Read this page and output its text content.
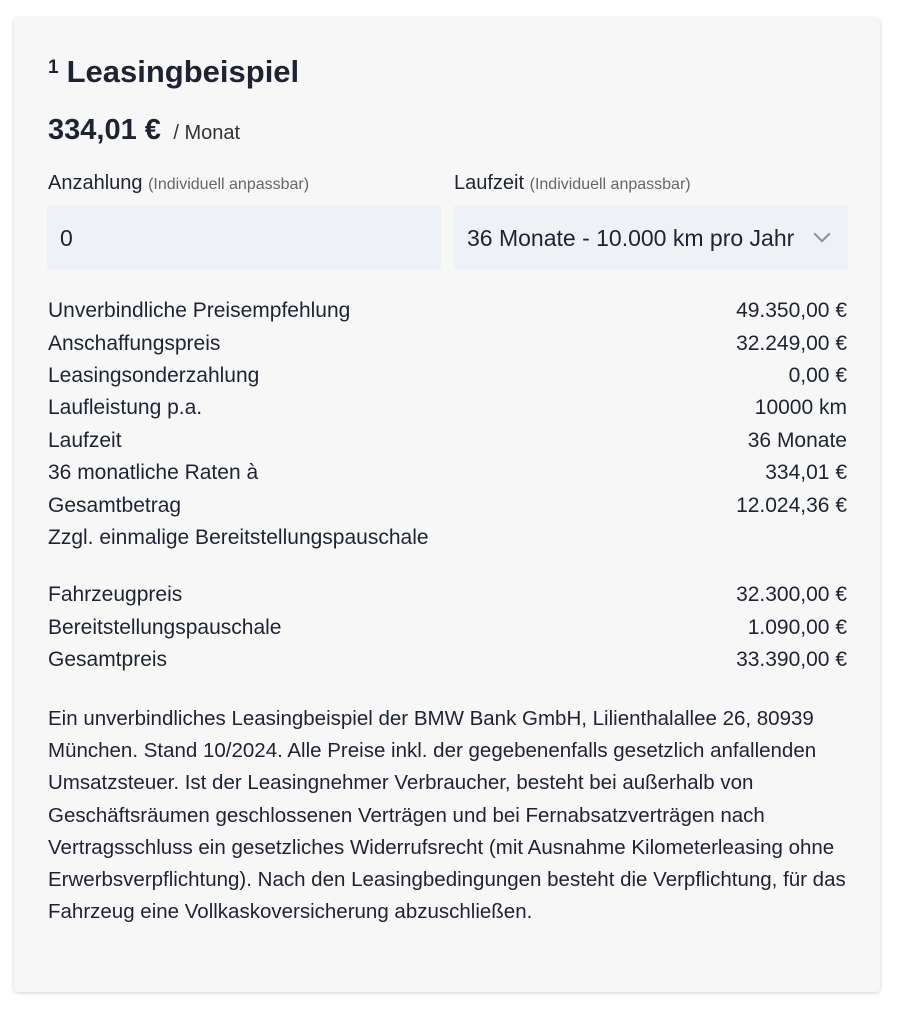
$^1$ Leasingbeispiel
334,01 € / Monat
Anzahlung (Individuell anpassbar)	Laufzeit (Individuell anpassbar)
0	36 Monate - 10.000 km pro Jahr
Unverbindliche Preisempfehlung	49.350,00 €
Anschaffungspreis	32.249,00 €
Leasingsonderzahlung	0,00 €
Laufleistung p.a.	10000 km
Laufzeit	36 Monate
36 monatliche Raten à	334,01 €
Gesamtbetrag	12.024,36 €
Zzgl. einmalige Bereitstellungspauschale
Fahrzeugpreis	32.300,00 €
Bereitstellungspauschale	1.090,00 €
Gesamtpreis	33.390,00 €
Ein unverbindliches Leasingbeispiel der BMW Bank GmbH, Lilienthalallee 26, 80939 München. Stand 10/2024. Alle Preise inkl. der gegebenenfalls gesetzlich anfallenden Umsatzsteuer. Ist der Leasingnehmer Verbraucher, besteht bei außerhalb von Geschäftsräumen geschlossenen Verträgen und bei Fernabsatzverträgen nach Vertragsschluss ein gesetzliches Widerrufsrecht (mit Ausnahme Kilometerleasing ohne Erwerbsverpflichtung). Nach den Leasingbedingungen besteht die Verpflichtung, für das Fahrzeug eine Vollkaskoversicherung abzuschließen.
